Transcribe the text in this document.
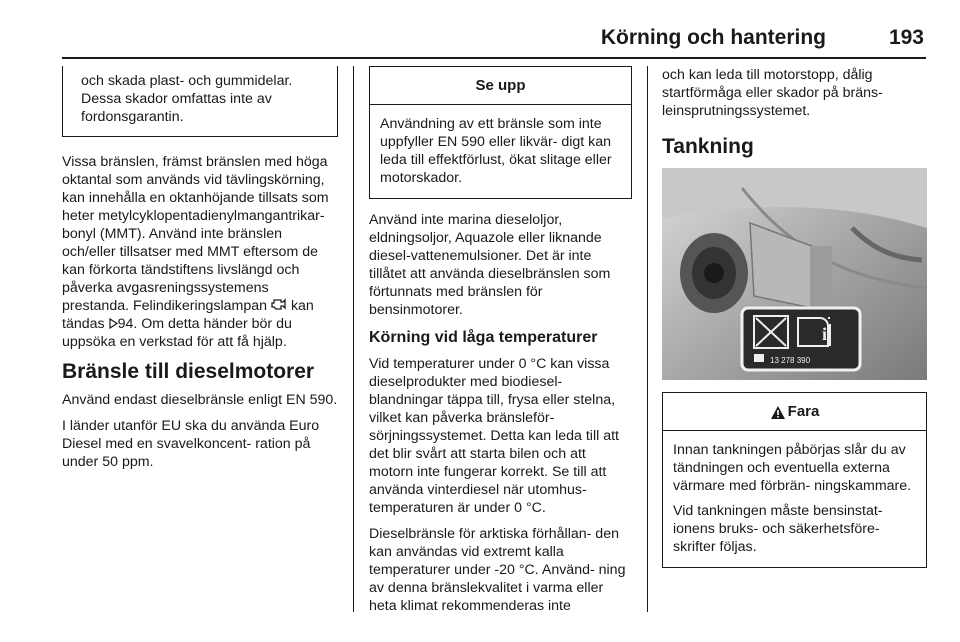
Körning och hantering	193

och skada plast- och gummidelar. Dessa skador omfattas inte av fordonsgarantin.

Vissa bränslen, främst bränslen med höga oktantal som används vid tävlingskörning, kan innehålla en oktanhöjande tillsats som heter metylcyklopentadienylmangantrikar- bonyl (MMT). Använd inte bränslen och/eller tillsatser med MMT eftersom de kan förkorta tändstiftens livslängd och påverka avgasreningssystemens prestanda. Felindikeringslampan kan tändas 94. Om detta händer bör du uppsöka en verkstad för att få hjälp.

Bränsle till dieselmotorer

Använd endast dieselbränsle enligt EN 590.

I länder utanför EU ska du använda Euro Diesel med en svavelkoncent- ration på under 50 ppm.

Se upp

Användning av ett bränsle som inte uppfyller EN 590 eller likvär- digt kan leda till effektförlust, ökat slitage eller motorskador.

Använd inte marina dieseloljor, eldningsoljor, Aquazole eller liknande diesel-vattenemulsioner. Det är inte tillåtet att använda dieselbränslen som förtunnats med bränslen för bensinmotorer.

Körning vid låga temperaturer

Vid temperaturer under 0 °C kan vissa dieselprodukter med biodiesel- blandningar täppa till, frysa eller stelna, vilket kan påverka bränsleför- sörjningssystemet. Detta kan leda till att det blir svårt att starta bilen och att motorn inte fungerar korrekt. Se till att använda vinterdiesel när utomhus- temperaturen är under 0 °C.

Dieselbränsle för arktiska förhållan- den kan användas vid extremt kalla temperaturer under -20 °C. Använd- ning av denna bränslekvalitet i varma eller heta klimat rekommenderas inte

och kan leda till motorstopp, dålig startförmåga eller skador på bräns- leinsprutningssystemet.

Tankning
i
13 278 390
Fara

Innan tankningen påbörjas slår du av tändningen och eventuella externa värmare med förbrän- ningskammare.

Vid tankningen måste bensinstat- ionens bruks- och säkerhetsföre- skrifter följas.
